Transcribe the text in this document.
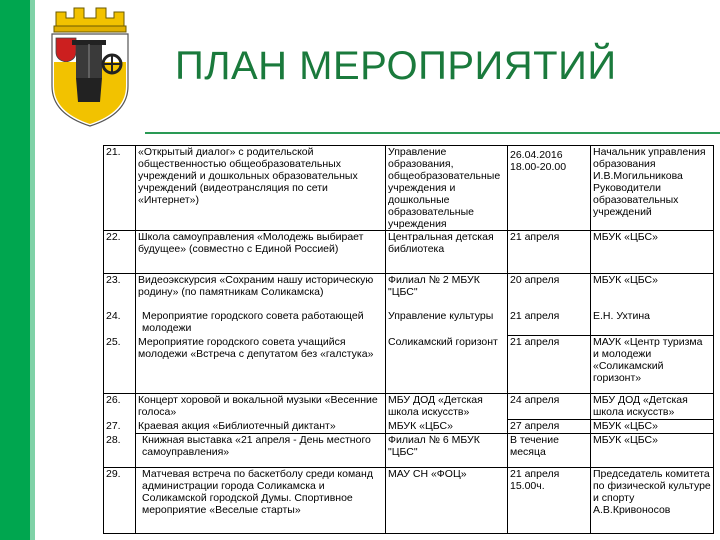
ПЛАН МЕРОПРИЯТИЙ
21.	«Открытый диалог» с родительской общественностью общеобразовательных учреждений и дошкольных образовательных учреждений (видеотрансляция по сети «Интернет»)	Управление образования, общеобразовательные учреждения и дошкольные образовательные учреждения	26.04.2016 18.00-20.00	Начальник управления образования И.В.Могильникова Руководители образовательных учреждений
22.	Школа самоуправления «Молодежь выбирает будущее» (совместно с Единой Россией)	Центральная детская библиотека	21 апреля	МБУК «ЦБС»
23.	Видеоэкскурсия «Сохраним нашу историческую родину» (по памятникам Соликамска)	Филиал № 2 МБУК "ЦБС"	20 апреля	МБУК «ЦБС»
24.	Мероприятие городского совета работающей молодежи	Управление культуры	21 апреля	Е.Н. Ухтина
25.	Мероприятие городского совета учащийся молодежи «Встреча с депутатом без «галстука»	Соликамский горизонт	21 апреля	МАУК «Центр туризма и молодежи «Соликамский горизонт»
26.	Концерт хоровой и вокальной музыки «Весенние голоса»	МБУ ДОД «Детская школа искусств»	24 апреля	МБУ ДОД «Детская школа искусств»
27.	Краевая акция «Библиотечный диктант»	МБУК «ЦБС»	27 апреля	МБУК «ЦБС»
28.	Книжная выставка «21 апреля - День местного самоуправления»	Филиал № 6 МБУК "ЦБС"	В течение месяца	МБУК «ЦБС»
29.	Матчевая встреча по баскетболу среди команд администрации города Соликамска и Соликамской городской Думы. Спортивное мероприятие «Веселые старты»	МАУ СН «ФОЦ»	21 апреля 15.00ч.	Председатель комитета по физической культуре и спорту А.В.Кривоносов
